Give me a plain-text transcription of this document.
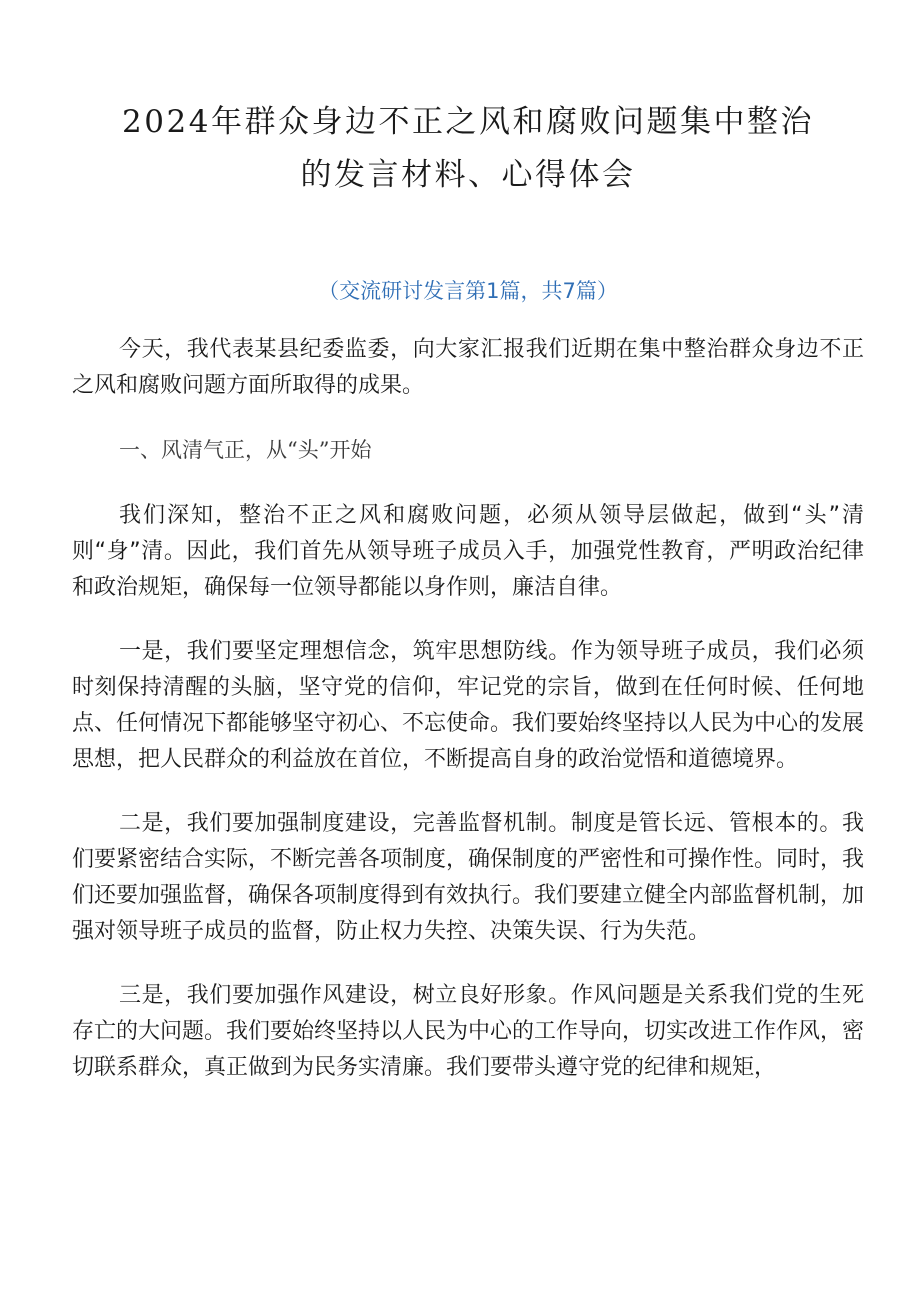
2024年群众身边不正之风和腐败问题集中整治的发言材料、心得体会
（交流研讨发言第1篇，共7篇）

今天，我代表某县纪委监委，向大家汇报我们近期在集中整治群众身边不正之风和腐败问题方面所取得的成果。

一、风清气正，从“头”开始

我们深知，整治不正之风和腐败问题，必须从领导层做起，做到“头”清则“身”清。因此，我们首先从领导班子成员入手，加强党性教育，严明政治纪律和政治规矩，确保每一位领导都能以身作则，廉洁自律。

一是，我们要坚定理想信念，筑牢思想防线。作为领导班子成员，我们必须时刻保持清醒的头脑，坚守党的信仰，牢记党的宗旨，做到在任何时候、任何地点、任何情况下都能够坚守初心、不忘使命。我们要始终坚持以人民为中心的发展思想，把人民群众的利益放在首位，不断提高自身的政治觉悟和道德境界。

二是，我们要加强制度建设，完善监督机制。制度是管长远、管根本的。我们要紧密结合实际，不断完善各项制度，确保制度的严密性和可操作性。同时，我们还要加强监督，确保各项制度得到有效执行。我们要建立健全内部监督机制，加强对领导班子成员的监督，防止权力失控、决策失误、行为失范。

三是，我们要加强作风建设，树立良好形象。作风问题是关系我们党的生死存亡的大问题。我们要始终坚持以人民为中心的工作导向，切实改进工作作风，密切联系群众，真正做到为民务实清廉。我们要带头遵守党的纪律和规矩，
